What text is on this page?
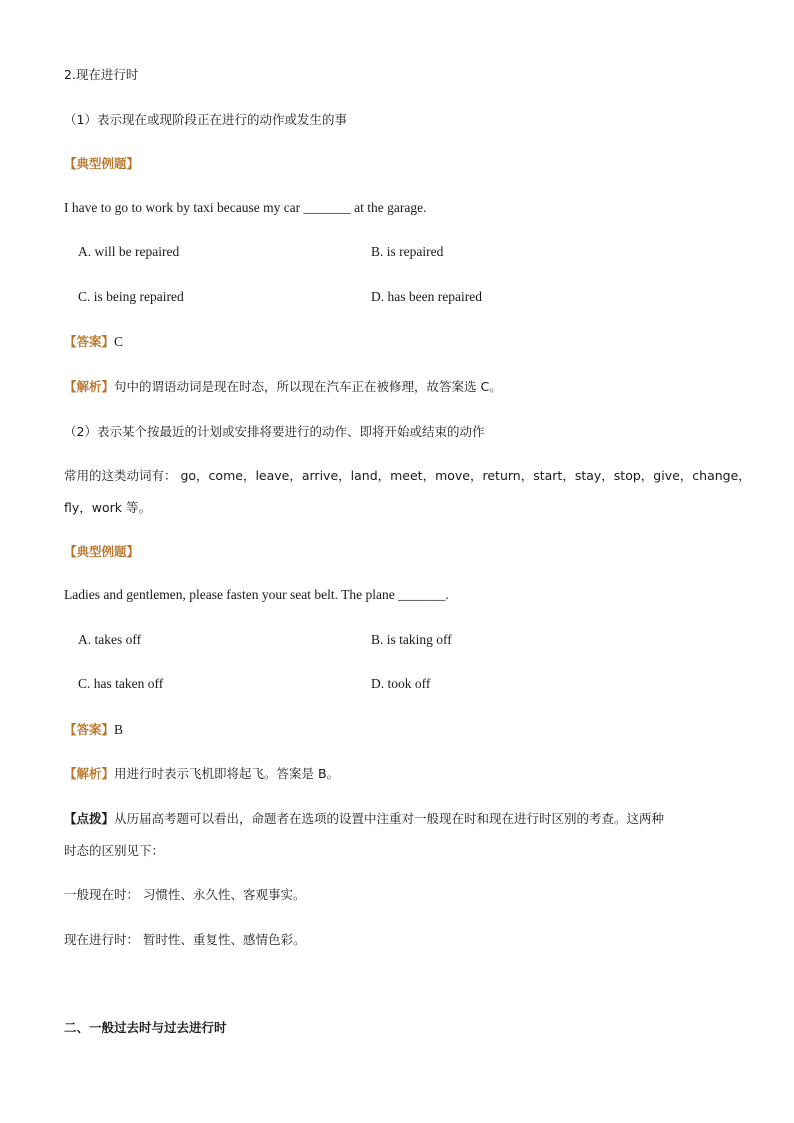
2.现在进行时
（1）表示现在或现阶段正在进行的动作或发生的事
【典型例题】
I have to go to work by taxi because my car _______ at the garage.
A. will be repaired	B. is repaired
C. is being repaired	D. has been repaired
【答案】C
【解析】句中的谓语动词是现在时态，所以现在汽车正在被修理，故答案选 C。
（2）表示某个按最近的计划或安排将要进行的动作、即将开始或结束的动作
常用的这类动词有： go，come，leave，arrive，land，meet，move，return，start，stay，stop，give，change，
fly，work 等。
【典型例题】
Ladies and gentlemen, please fasten your seat belt. The plane _______.
A. takes off	B. is taking off
C. has taken off	D. took off
【答案】B
【解析】用进行时表示飞机即将起飞。答案是 B。
【点拨】从历届高考题可以看出，命题者在选项的设置中注重对一般现在时和现在进行时区别的考查。这两种
时态的区别见下：
一般现在时： 习惯性、永久性、客观事实。
现在进行时： 暂时性、重复性、感情色彩。
二、一般过去时与过去进行时
